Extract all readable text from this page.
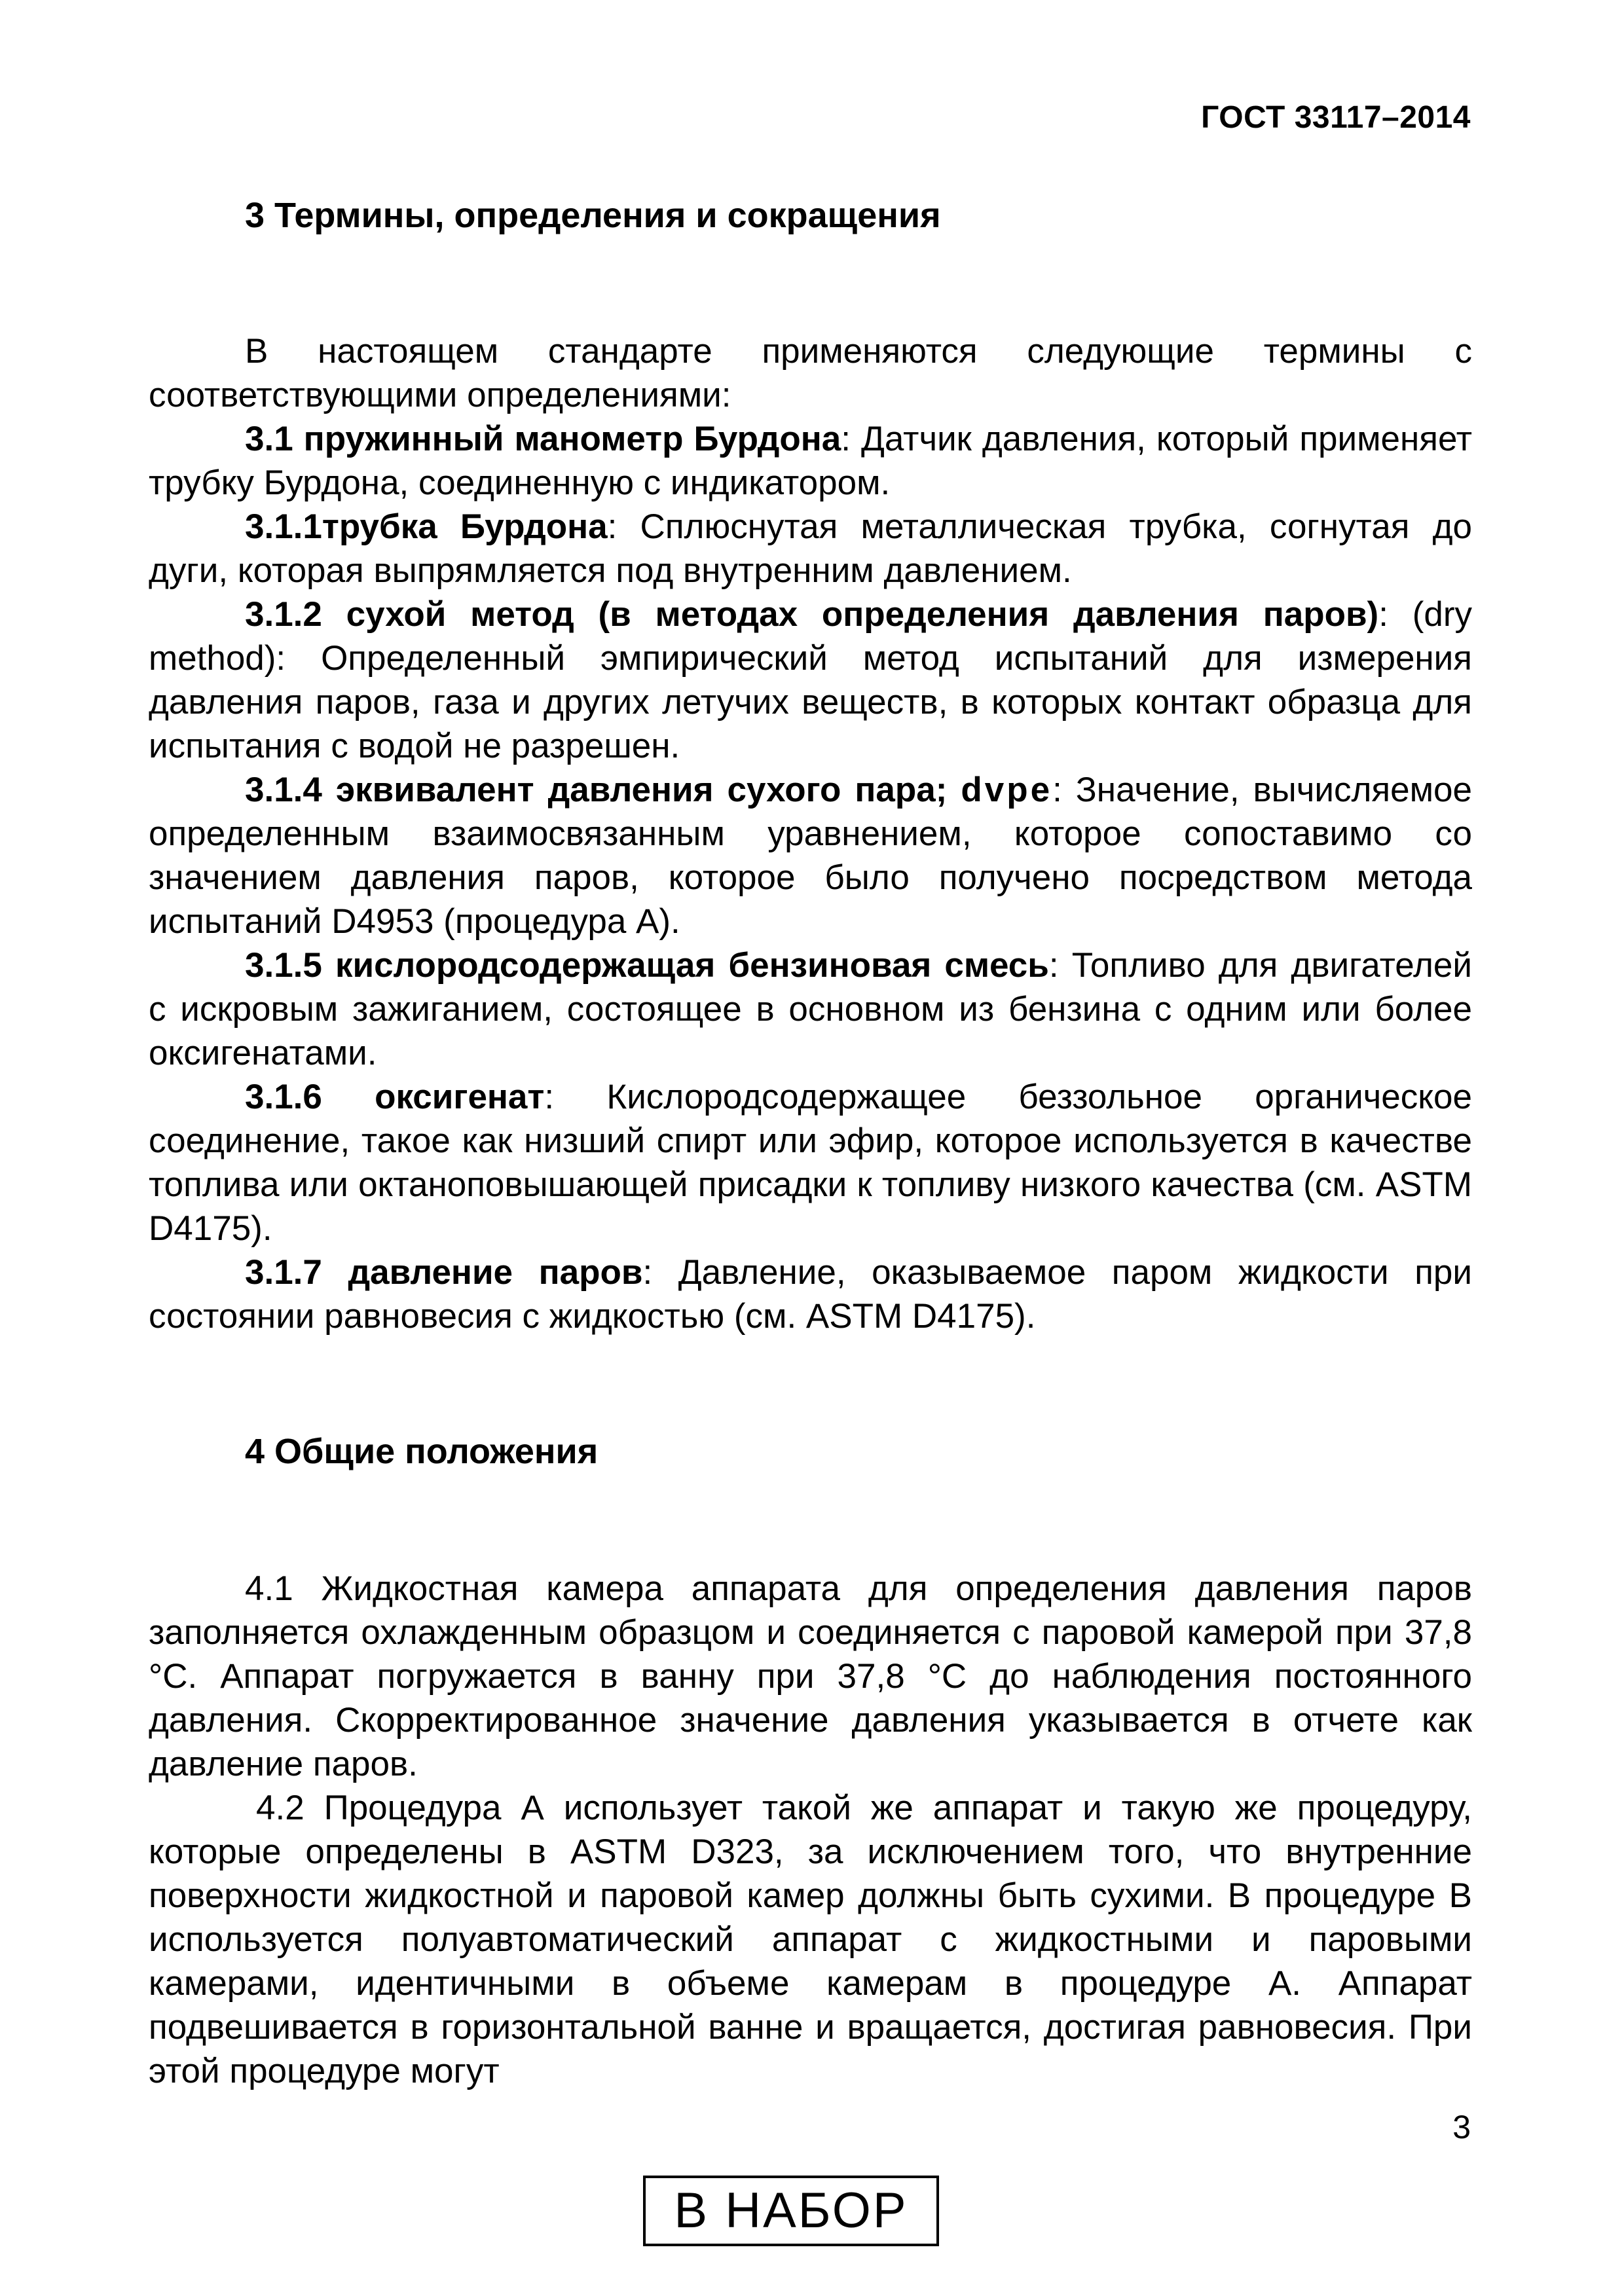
ГОСТ 33117–2014

3 Термины, определения и сокращения

В настоящем стандарте применяются следующие термины с соответствующими определениями:

3.1 пружинный манометр Бурдона: Датчик давления, который применяет трубку Бурдона, соединенную с индикатором.

3.1.1трубка Бурдона: Сплюснутая металлическая трубка, согнутая до дуги, которая выпрямляется под внутренним давлением.

3.1.2 сухой метод (в методах определения давления паров): (dry method): Определенный эмпирический метод испытаний для измерения давления паров, газа и других летучих веществ, в которых контакт образца для испытания с водой не разрешен.

3.1.4 эквивалент давления сухого пара; dvpe: Значение, вычисляемое определенным взаимосвязанным уравнением, которое сопоставимо со значением давления паров, которое было получено посредством метода испытаний D4953 (процедура А).

3.1.5 кислородсодержащая бензиновая смесь: Топливо для двигателей с искровым зажиганием, состоящее в основном из бензина с одним или более оксигенатами.

3.1.6 оксигенат: Кислородсодержащее беззольное органическое соединение, такое как низший спирт или эфир, которое используется в качестве топлива или октаноповышающей присадки к топливу низкого качества (см. ASTM D4175).

3.1.7 давление паров: Давление, оказываемое паром жидкости при состоянии равновесия с жидкостью (см. ASTM D4175).

4 Общие положения

4.1 Жидкостная камера аппарата для определения давления паров заполняется охлажденным образцом и соединяется с паровой камерой при 37,8 °С. Аппарат погружается в ванну при 37,8 °С до наблюдения постоянного давления. Скорректированное значение давления указывается в отчете как давление паров.

4.2 Процедура А использует такой же аппарат и такую же процедуру, которые определены в ASTM D323, за исключением того, что внутренние поверхности жидкостной и паровой камер должны быть сухими. В процедуре В используется полуавтоматический аппарат с жидкостными и паровыми камерами, идентичными в объеме камерам в процедуре А. Аппарат подвешивается в горизонтальной ванне и вращается, достигая равновесия. При этой процедуре могут

3
В НАБОР
